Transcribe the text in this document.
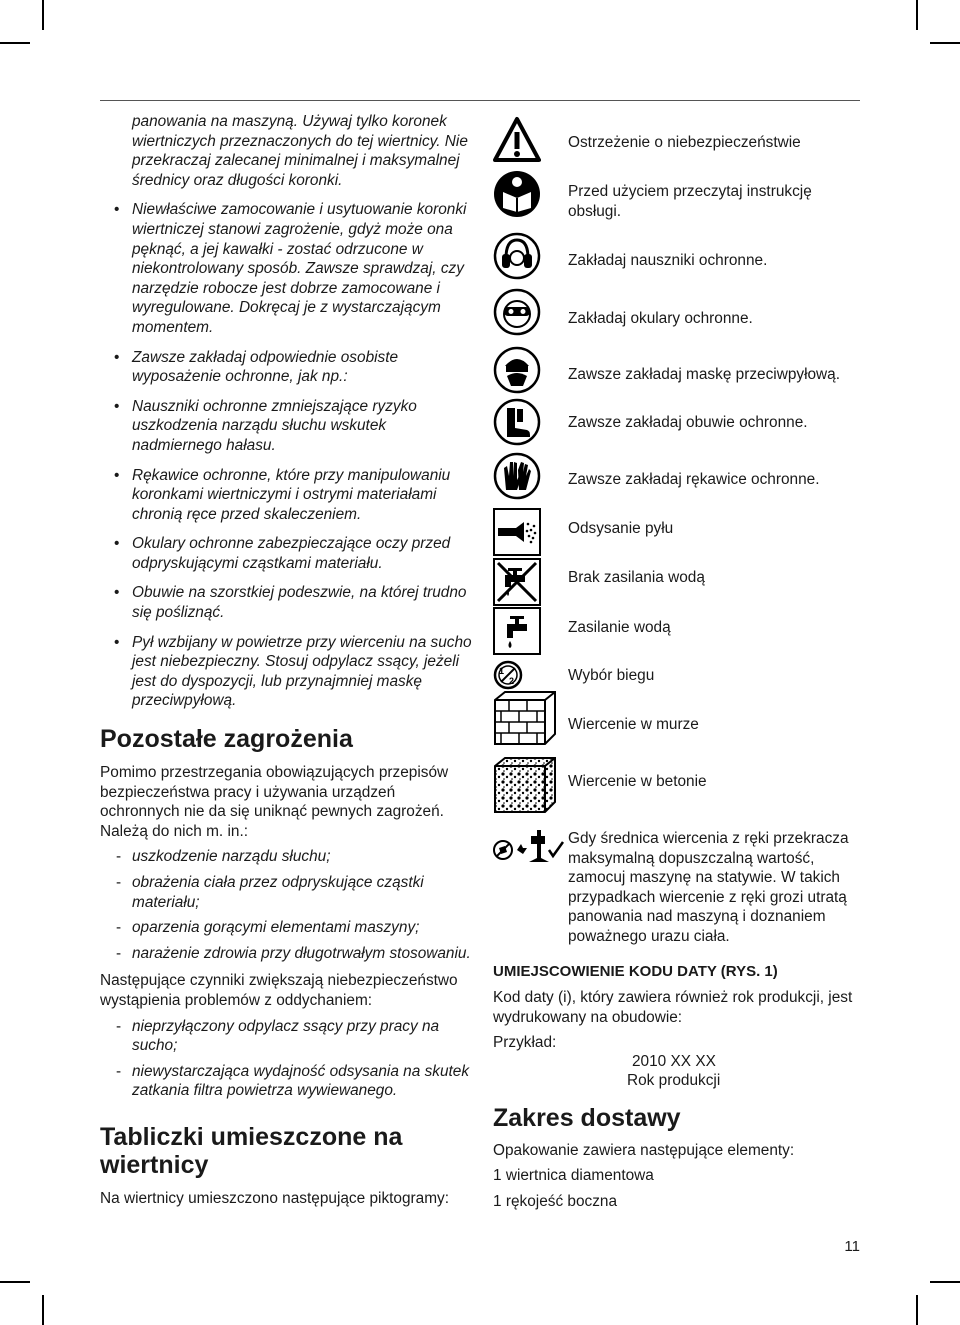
panowania na maszyną. Używaj tylko koronek wiertniczych przeznaczonych do tej wiertnicy. Nie przekraczaj zalecanej minimalnej i maksymalnej średnicy oraz długości koronki.

• Niewłaściwe zamocowanie i usytuowanie koronki wiertniczej stanowi zagrożenie, gdyż może ona pęknąć, a jej kawałki - zostać odrzucone w niekontrolowany sposób. Zawsze sprawdzaj, czy narzędzie robocze jest dobrze zamocowane i wyregulowane. Dokręcaj je z wystarczającym momentem.
• Zawsze zakładaj odpowiednie osobiste wyposażenie ochronne, jak np.:
• Nauszniki ochronne zmniejszające ryzyko uszkodzenia narządu słuchu wskutek nadmiernego hałasu.
• Rękawice ochronne, które przy manipulowaniu koronkami wiertniczymi i ostrymi materiałami chronią ręce przed skaleczeniem.
• Okulary ochronne zabezpieczające oczy przed odpryskującymi cząstkami materiału.
• Obuwie na szorstkiej podeszwie, na której trudno się pośliznąć.
• Pył wzbijany w powietrze przy wierceniu na sucho jest niebezpieczny. Stosuj odpylacz ssący, jeżeli jest do dyspozycji, lub przynajmniej maskę przeciwpyłową.
Pozostałe zagrożenia

Pomimo przestrzegania obowiązujących przepisów bezpieczeństwa pracy i używania urządzeń ochronnych nie da się uniknąć pewnych zagrożeń. Należą do nich m. in.:

- uszkodzenie narządu słuchu;
- obrażenia ciała przez odpryskujące cząstki materiału;
- oparzenia gorącymi elementami maszyny;
- narażenie zdrowia przy długotrwałym stosowaniu.

Następujące czynniki zwiększają niebezpieczeństwo wystąpienia problemów z oddychaniem:

- nieprzyłączony odpylacz ssący przy pracy na sucho;
- niewystarczająca wydajność odsysania na skutek zatkania filtra powietrza wywiewanego.
Tabliczki umieszczone na wiertnicy

Na wiertnicy umieszczono następujące piktogramy:

Ostrzeżenie o niebezpieczeństwie
Przed użyciem przeczytaj instrukcję obsługi.
Zakładaj nauszniki ochronne.
Zakładaj okulary ochronne.
Zawsze zakładaj maskę przeciwpyłową.
Zawsze zakładaj obuwie ochronne.
Zawsze zakładaj rękawice ochronne.
Odsysanie pyłu
Brak zasilania wodą
Zasilanie wodą
1
2	Wybór biegu
Wiercenie w murze
Wiercenie w betonie
Gdy średnica wiercenia z ręki przekracza maksymalną dopuszczalną wartość, zamocuj maszynę na statywie. W takich przypadkach wiercenie z ręki grozi utratą panowania nad maszyną i doznaniem poważnego urazu ciała.
UMIEJSCOWIENIE KODU DATY (RYS. 1)
Kod daty (i), który zawiera również rok produkcji, jest wydrukowany na obudowie:
Przykład:
2010 XX XX
Rok produkcji
Zakres dostawy
Opakowanie zawiera następujące elementy:
1 wiertnica diamentowa
1 rękojeść boczna
11
